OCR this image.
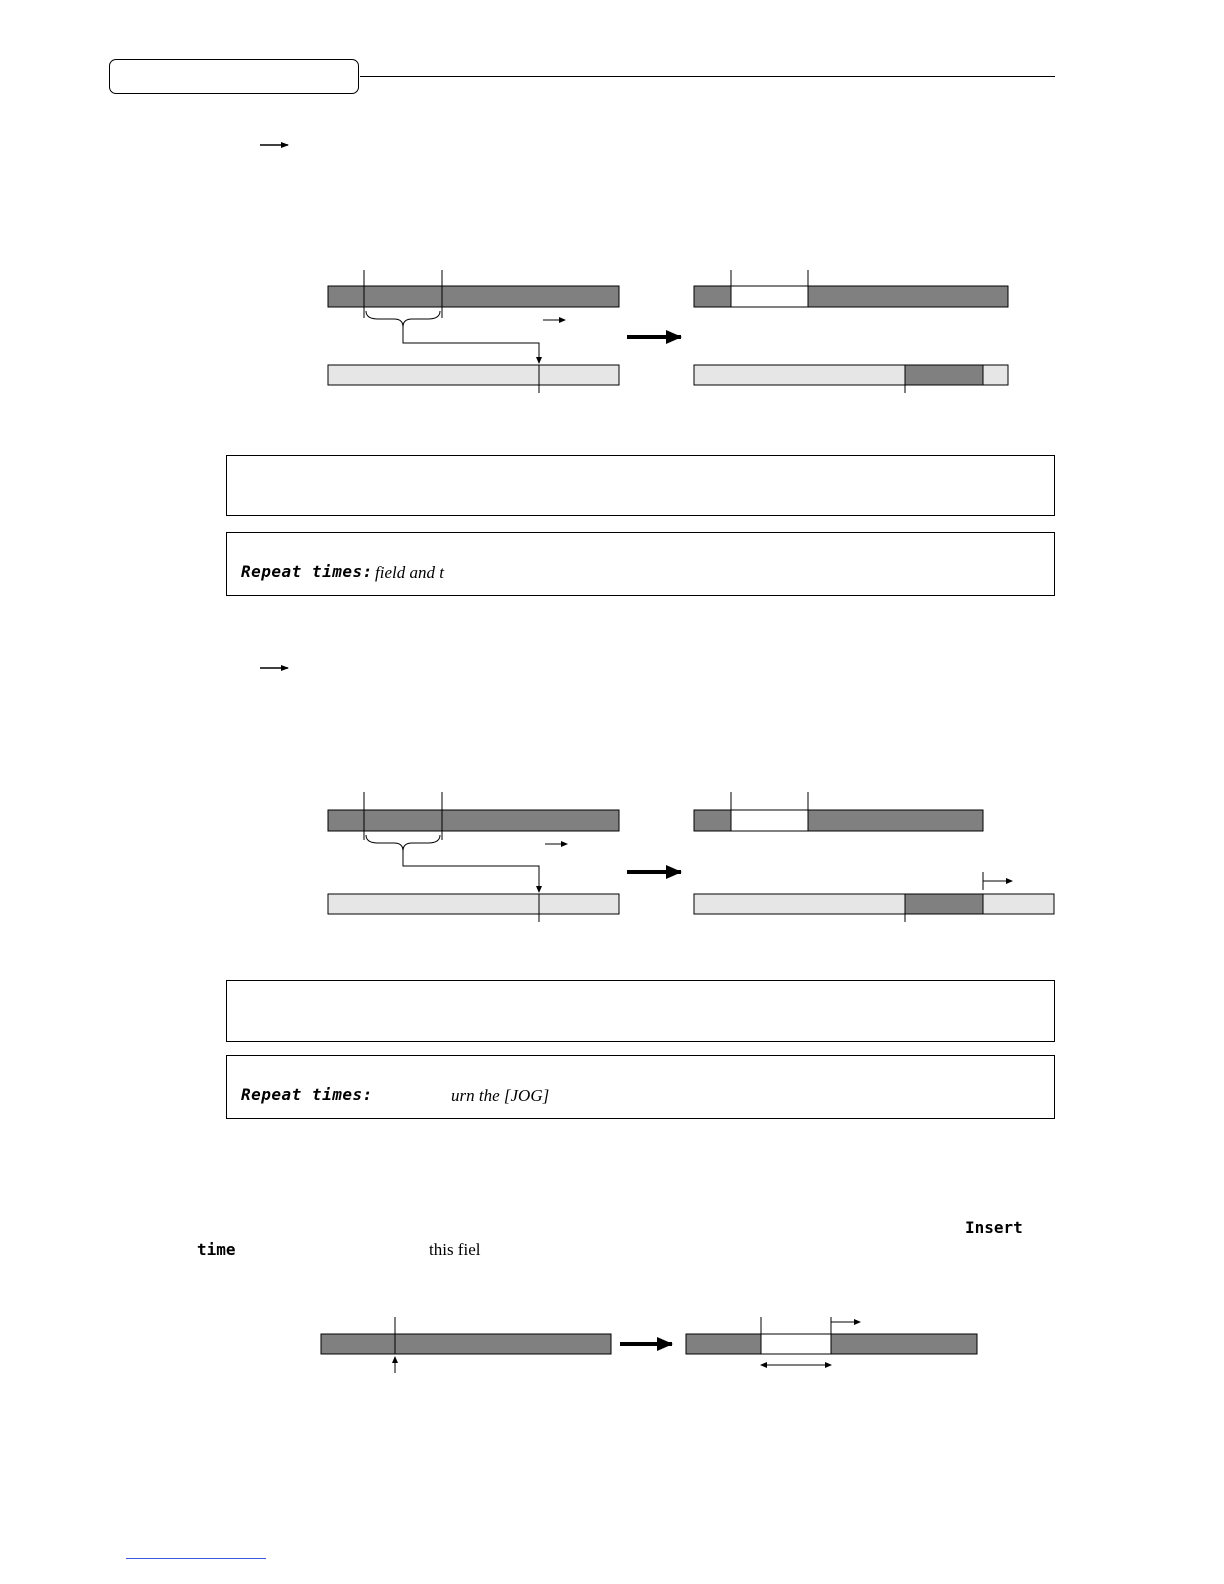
Repeat times: field and t
Repeat times:	urn the [JOG]
Insert
time	this fiel
